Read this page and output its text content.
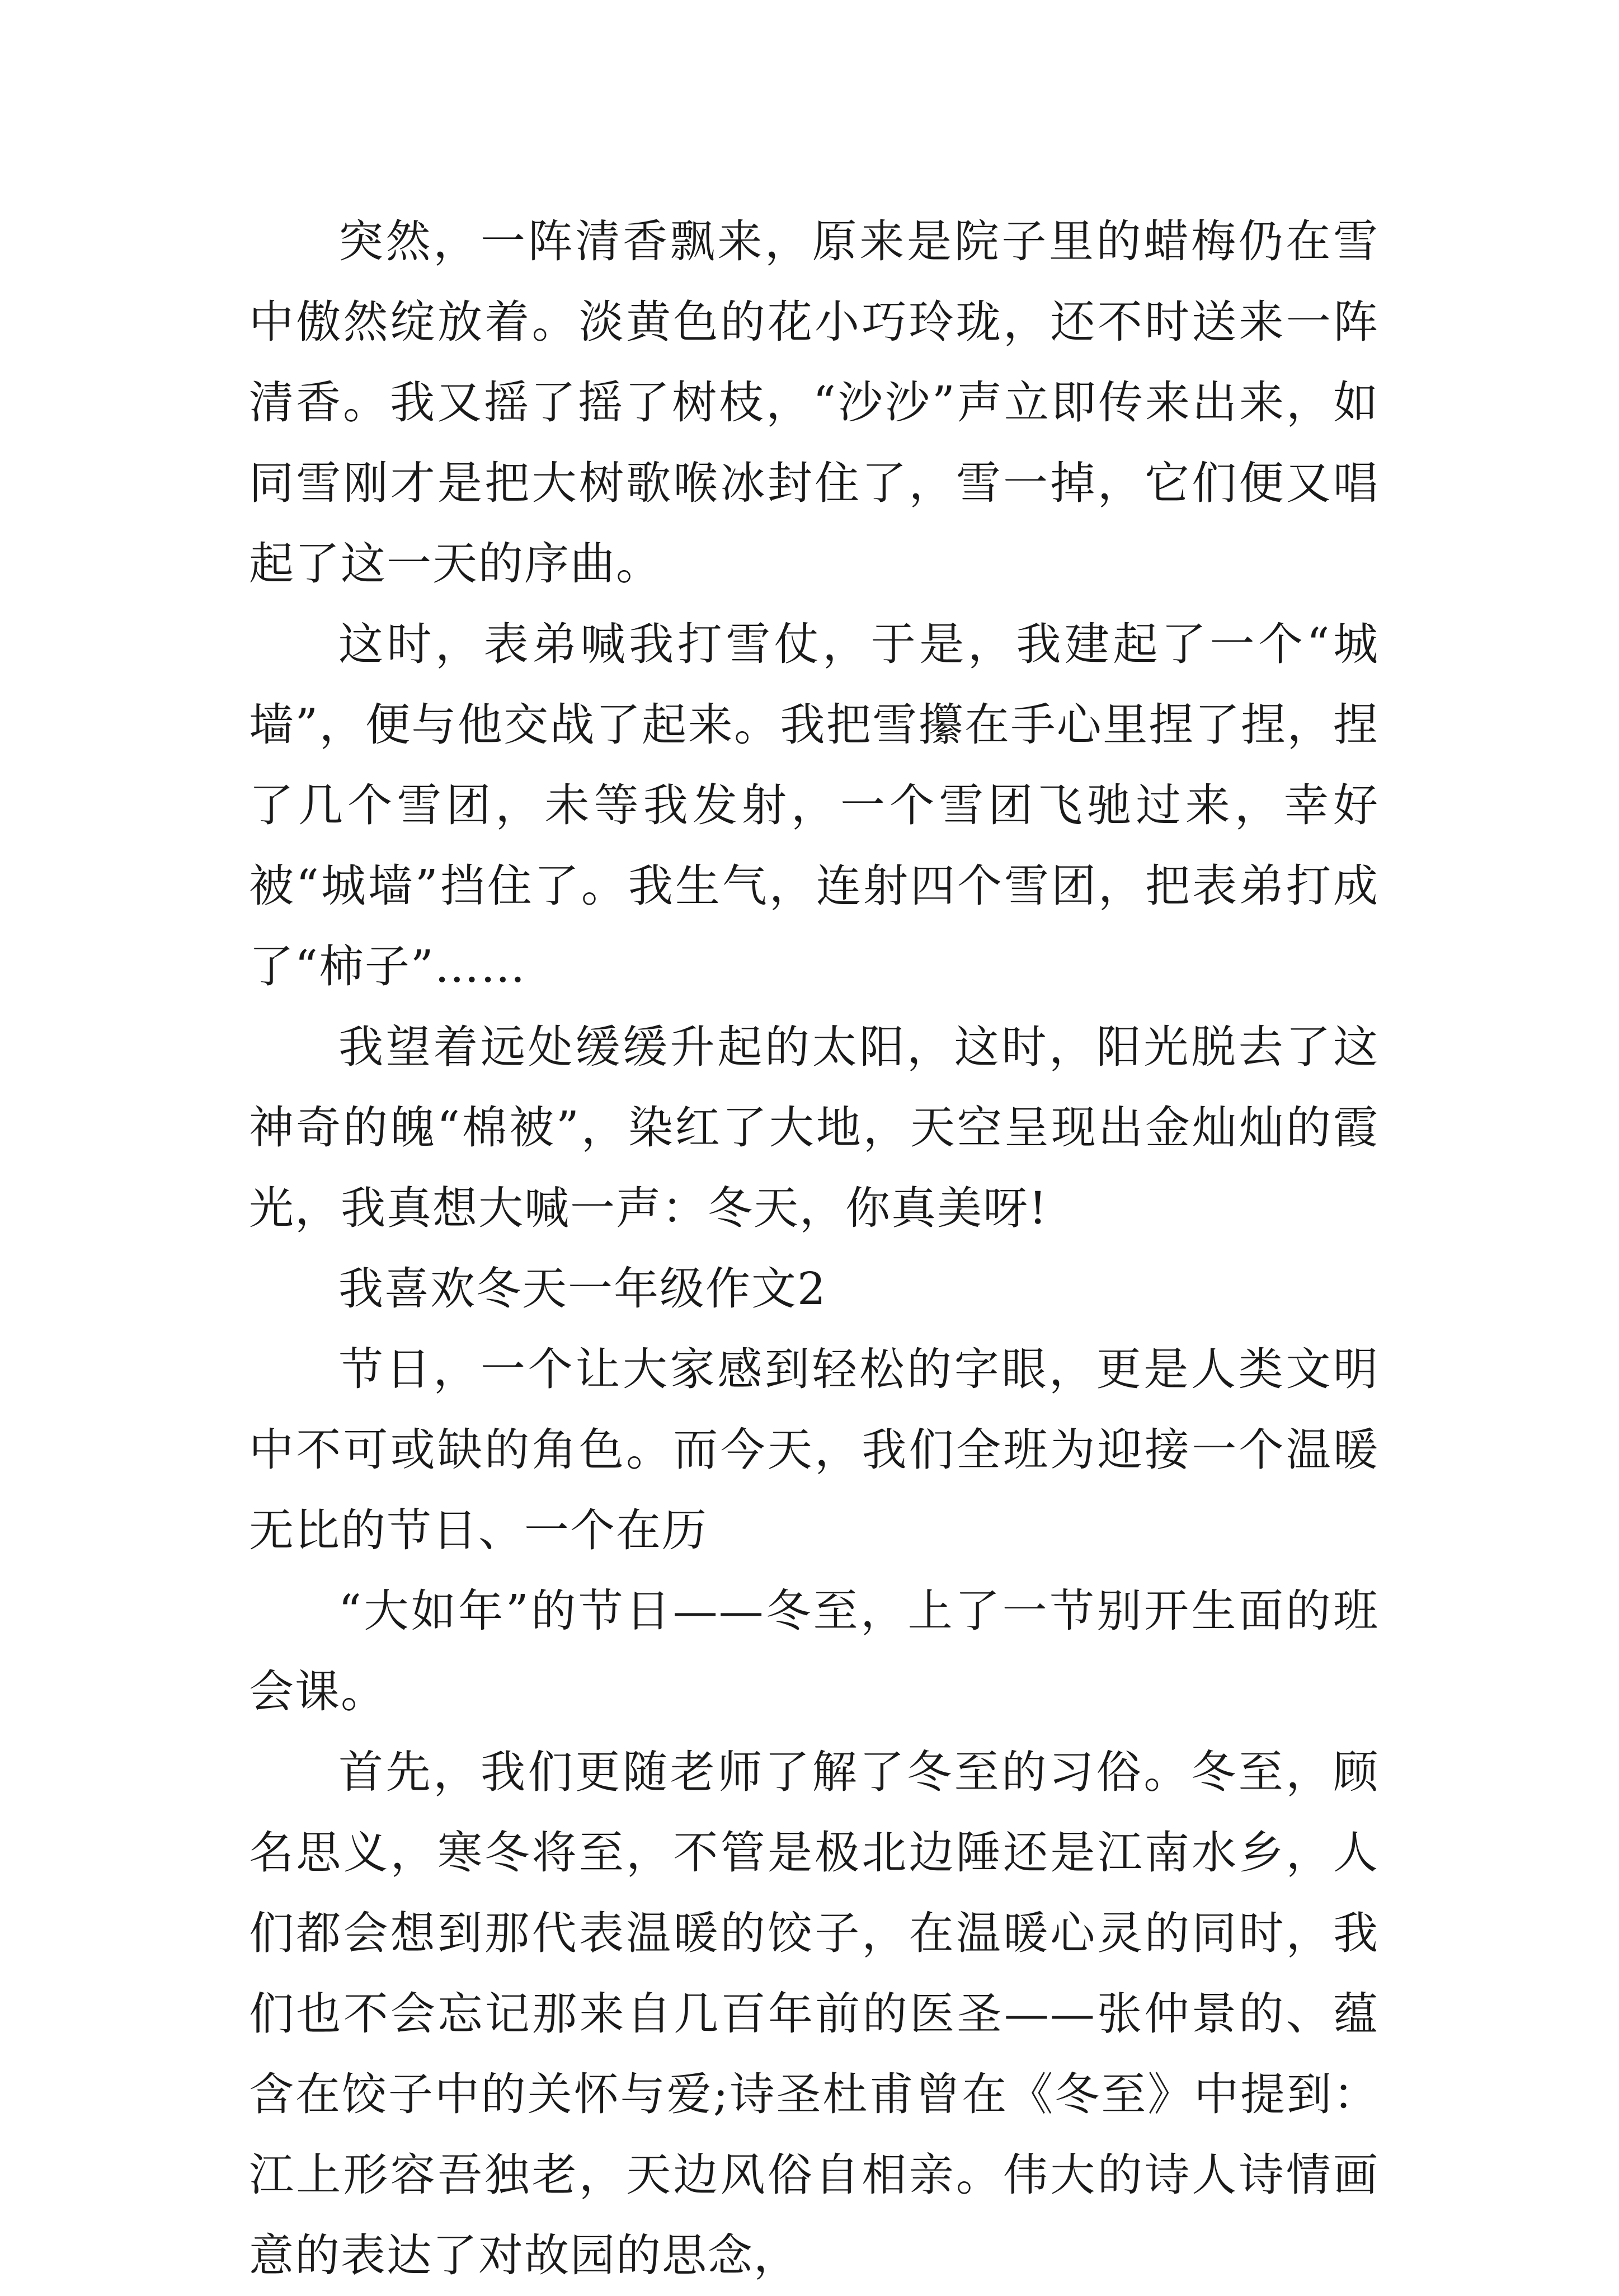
突然，一阵清香飘来，原来是院子里的蜡梅仍在雪中傲然绽放着。淡黄色的花小巧玲珑，还不时送来一阵清香。我又摇了摇了树枝，“沙沙”声立即传来出来，如同雪刚才是把大树歌喉冰封住了，雪一掉，它们便又唱起了这一天的序曲。

这时，表弟喊我打雪仗，于是，我建起了一个“城墙”，便与他交战了起来。我把雪攥在手心里捏了捏，捏了几个雪团，未等我发射，一个雪团飞驰过来，幸好被“城墙”挡住了。我生气，连射四个雪团，把表弟打成了“柿子”……

我望着远处缓缓升起的太阳，这时，阳光脱去了这神奇的魄“棉被”，染红了大地，天空呈现出金灿灿的霞光，我真想大喊一声：冬天，你真美呀!

我喜欢冬天一年级作文2

节日，一个让大家感到轻松的字眼，更是人类文明中不可或缺的角色。而今天，我们全班为迎接一个温暖无比的节日、一个在历

“大如年”的节日——冬至，上了一节别开生面的班会课。

首先，我们更随老师了解了冬至的习俗。冬至，顾名思义，寒冬将至，不管是极北边陲还是江南水乡，人们都会想到那代表温暖的饺子，在温暖心灵的同时，我们也不会忘记那来自几百年前的医圣——张仲景的、蕴含在饺子中的关怀与爱;诗圣杜甫曾在《冬至》中提到：江上形容吾独老，天边风俗自相亲。伟大的诗人诗情画意的表达了对故园的思念，
